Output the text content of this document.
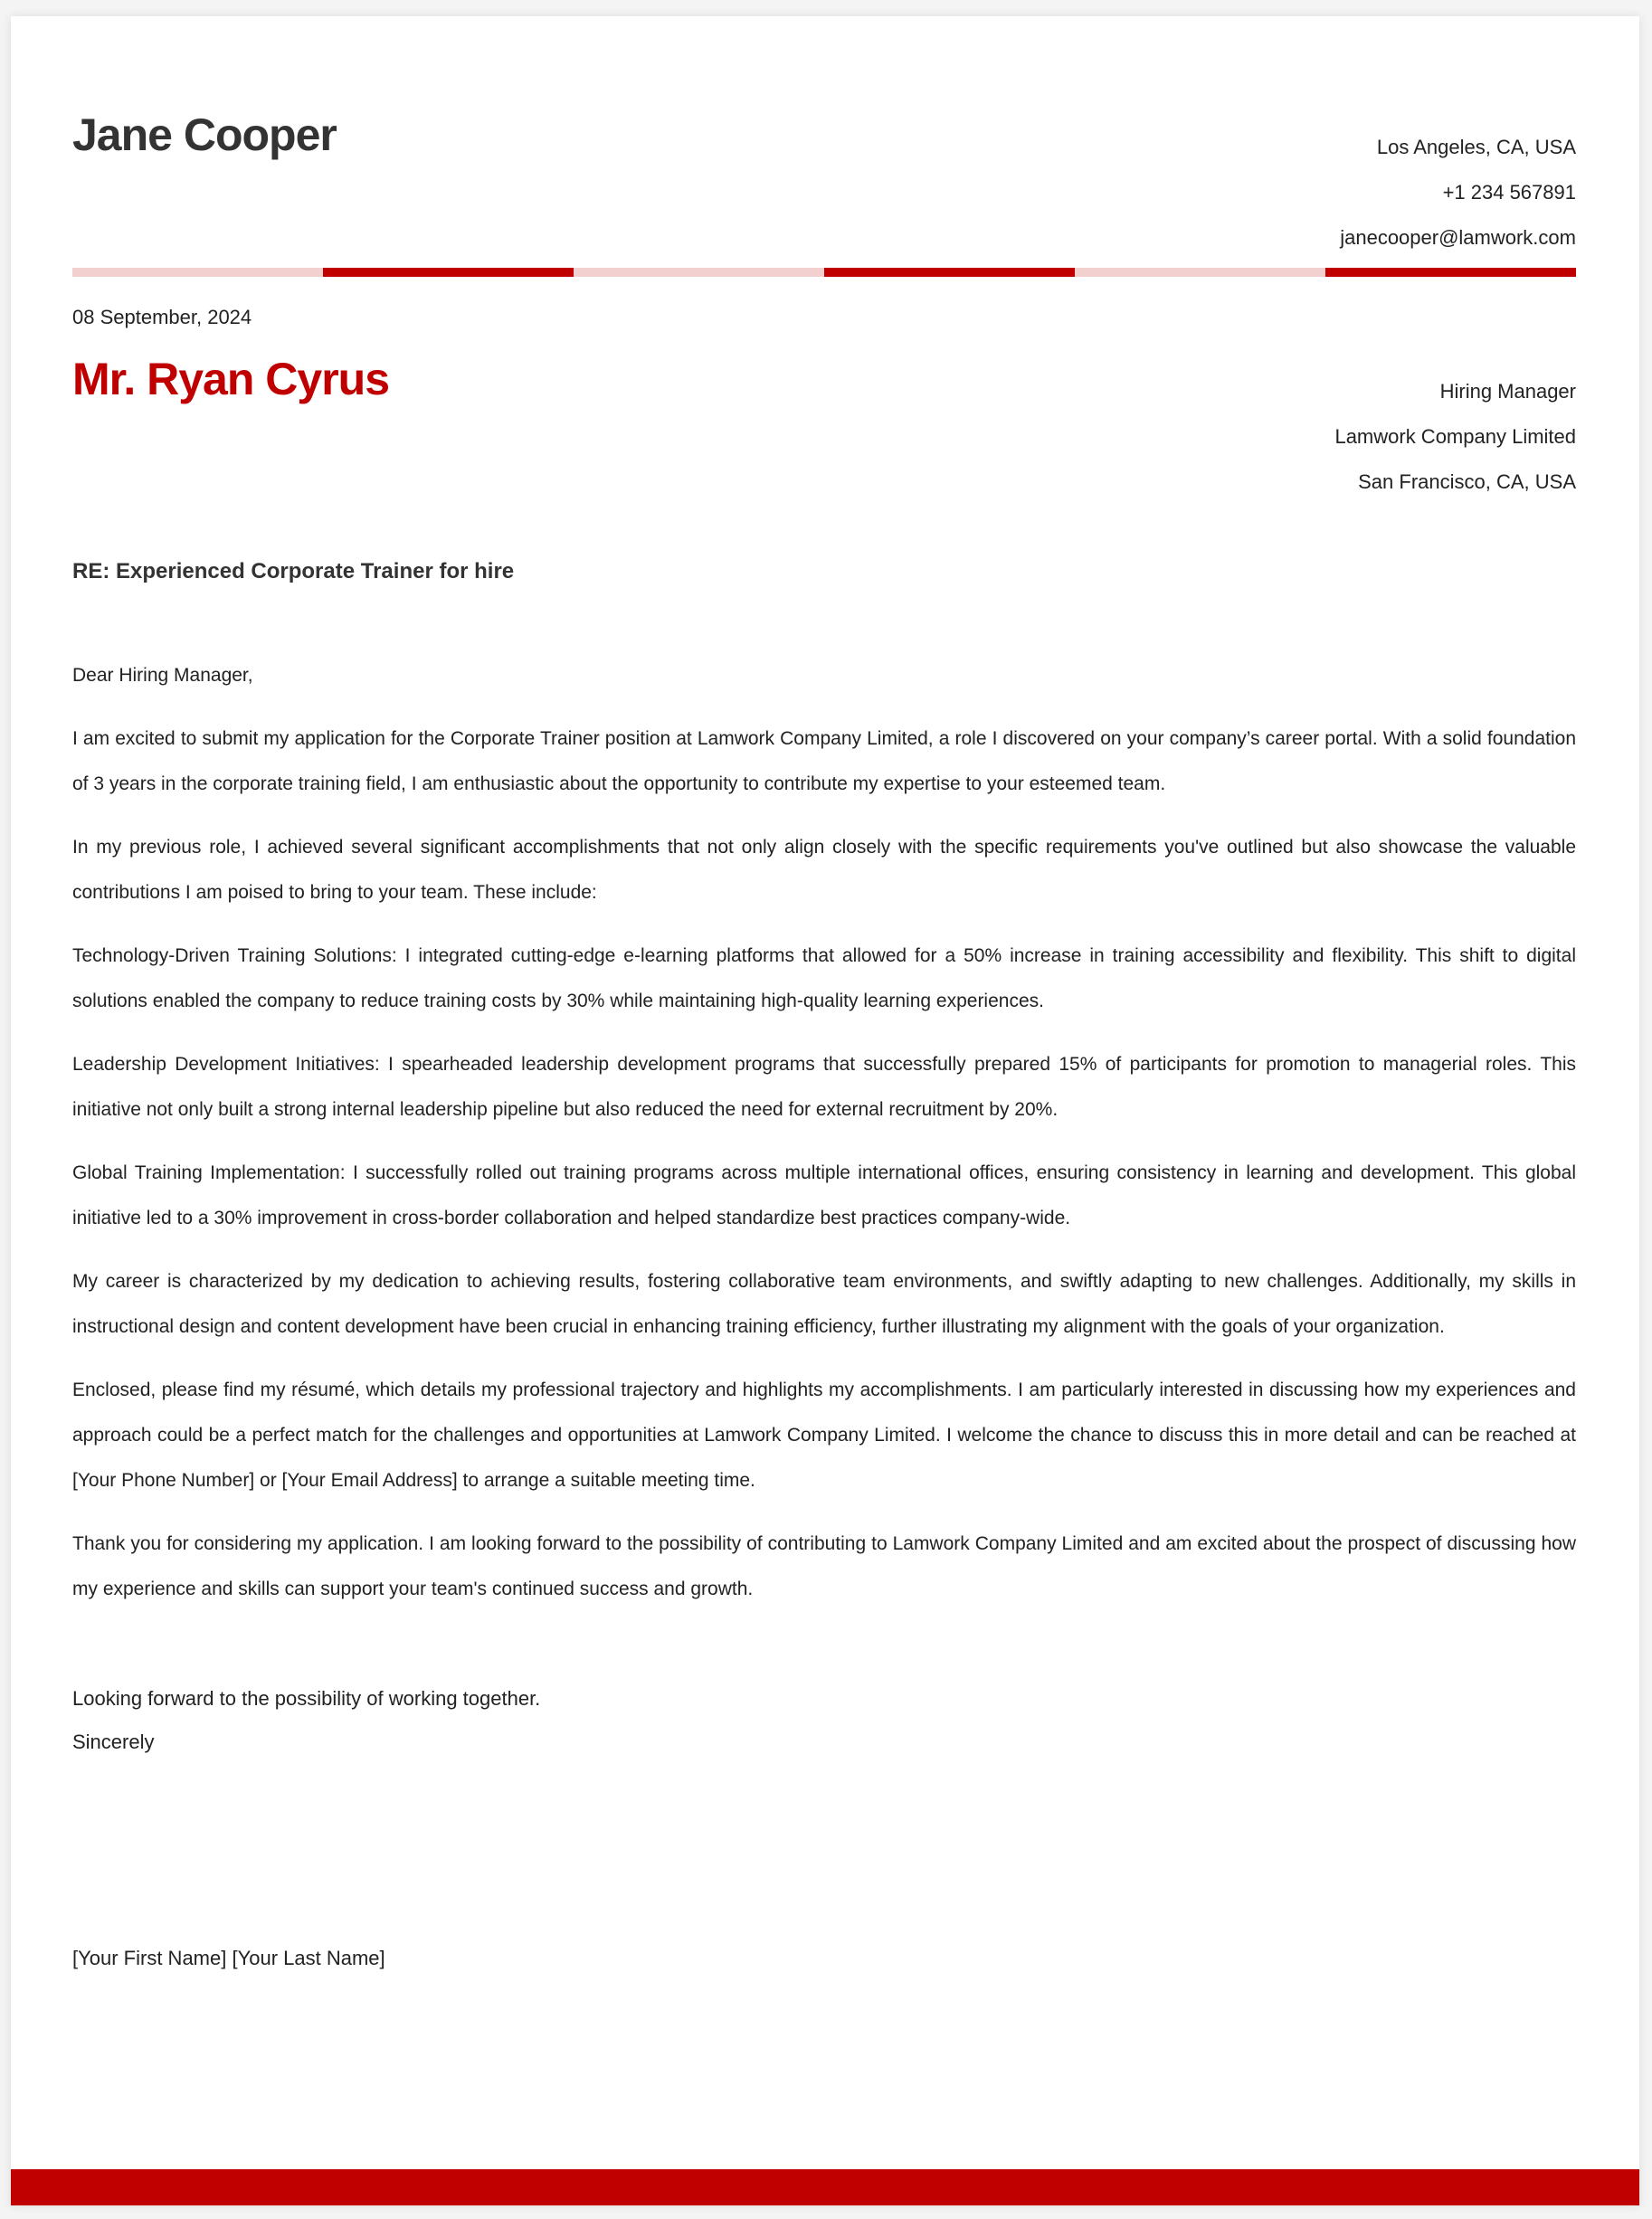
Jane Cooper	Los Angeles, CA, USA
+1 234 567891
janecooper@lamwork.com
08 September, 2024
Mr. Ryan Cyrus	Hiring Manager
Lamwork Company Limited
San Francisco, CA, USA
RE: Experienced Corporate Trainer for hire

Dear Hiring Manager,

I am excited to submit my application for the Corporate Trainer position at Lamwork Company Limited, a role I discovered on your company’s career portal. With a solid foundation of 3 years in the corporate training field, I am enthusiastic about the opportunity to contribute my expertise to your esteemed team.

In my previous role, I achieved several significant accomplishments that not only align closely with the specific requirements you've outlined but also showcase the valuable contributions I am poised to bring to your team. These include:

Technology-Driven Training Solutions: I integrated cutting-edge e-learning platforms that allowed for a 50% increase in training accessibility and flexibility. This shift to digital solutions enabled the company to reduce training costs by 30% while maintaining high-quality learning experiences.

Leadership Development Initiatives: I spearheaded leadership development programs that successfully prepared 15% of participants for promotion to managerial roles. This initiative not only built a strong internal leadership pipeline but also reduced the need for external recruitment by 20%.

Global Training Implementation: I successfully rolled out training programs across multiple international offices, ensuring consistency in learning and development. This global initiative led to a 30% improvement in cross-border collaboration and helped standardize best practices company-wide.

My career is characterized by my dedication to achieving results, fostering collaborative team environments, and swiftly adapting to new challenges. Additionally, my skills in instructional design and content development have been crucial in enhancing training efficiency, further illustrating my alignment with the goals of your organization.

Enclosed, please find my résumé, which details my professional trajectory and highlights my accomplishments. I am particularly interested in discussing how my experiences and approach could be a perfect match for the challenges and opportunities at Lamwork Company Limited. I welcome the chance to discuss this in more detail and can be reached at [Your Phone Number] or [Your Email Address] to arrange a suitable meeting time.

Thank you for considering my application. I am looking forward to the possibility of contributing to Lamwork Company Limited and am excited about the prospect of discussing how my experience and skills can support your team's continued success and growth.

Looking forward to the possibility of working together.
Sincerely
[Your First Name] [Your Last Name]
